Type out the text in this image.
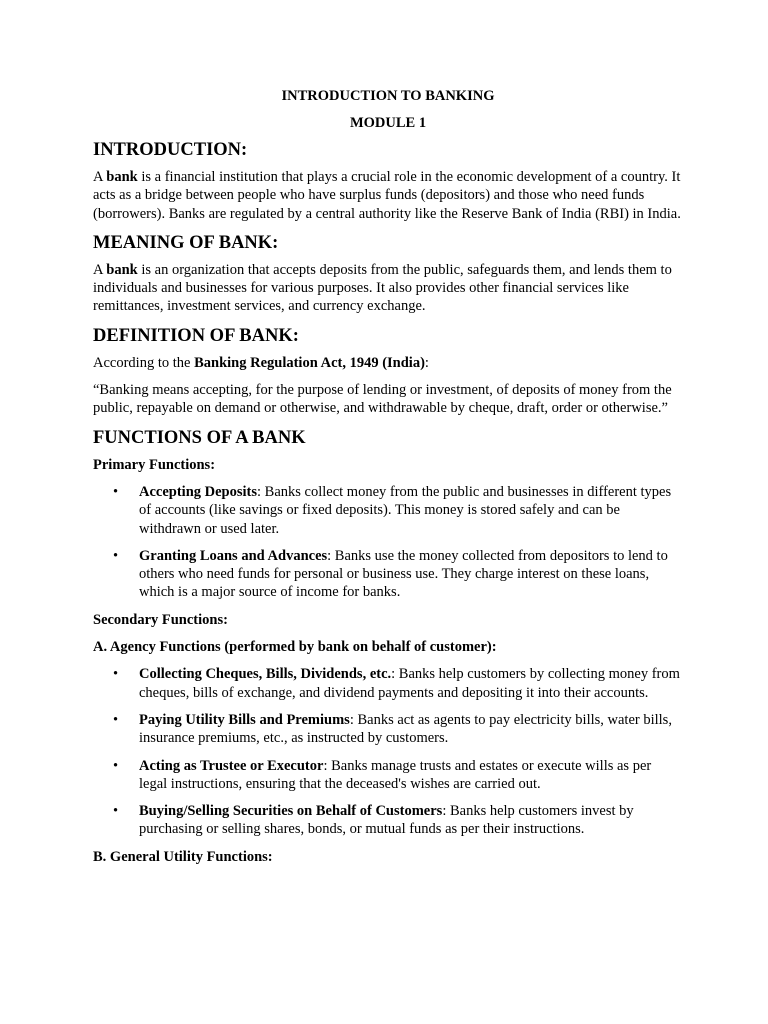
INTRODUCTION TO BANKING
MODULE 1
INTRODUCTION:

A bank is a financial institution that plays a crucial role in the economic development of a country. It acts as a bridge between people who have surplus funds (depositors) and those who need funds (borrowers). Banks are regulated by a central authority like the Reserve Bank of India (RBI) in India.

MEANING OF BANK:

A bank is an organization that accepts deposits from the public, safeguards them, and lends them to individuals and businesses for various purposes. It also provides other financial services like remittances, investment services, and currency exchange.

DEFINITION OF BANK:

According to the Banking Regulation Act, 1949 (India):

“Banking means accepting, for the purpose of lending or investment, of deposits of money from the public, repayable on demand or otherwise, and withdrawable by cheque, draft, order or otherwise.”

FUNCTIONS OF A BANK

Primary Functions:

• Accepting Deposits: Banks collect money from the public and businesses in different types of accounts (like savings or fixed deposits). This money is stored safely and can be withdrawn or used later.
• Granting Loans and Advances: Banks use the money collected from depositors to lend to others who need funds for personal or business use. They charge interest on these loans, which is a major source of income for banks.

Secondary Functions:

A. Agency Functions (performed by bank on behalf of customer):

• Collecting Cheques, Bills, Dividends, etc.: Banks help customers by collecting money from cheques, bills of exchange, and dividend payments and depositing it into their accounts.
• Paying Utility Bills and Premiums: Banks act as agents to pay electricity bills, water bills, insurance premiums, etc., as instructed by customers.
• Acting as Trustee or Executor: Banks manage trusts and estates or execute wills as per legal instructions, ensuring that the deceased's wishes are carried out.
• Buying/Selling Securities on Behalf of Customers: Banks help customers invest by purchasing or selling shares, bonds, or mutual funds as per their instructions.

B. General Utility Functions:
